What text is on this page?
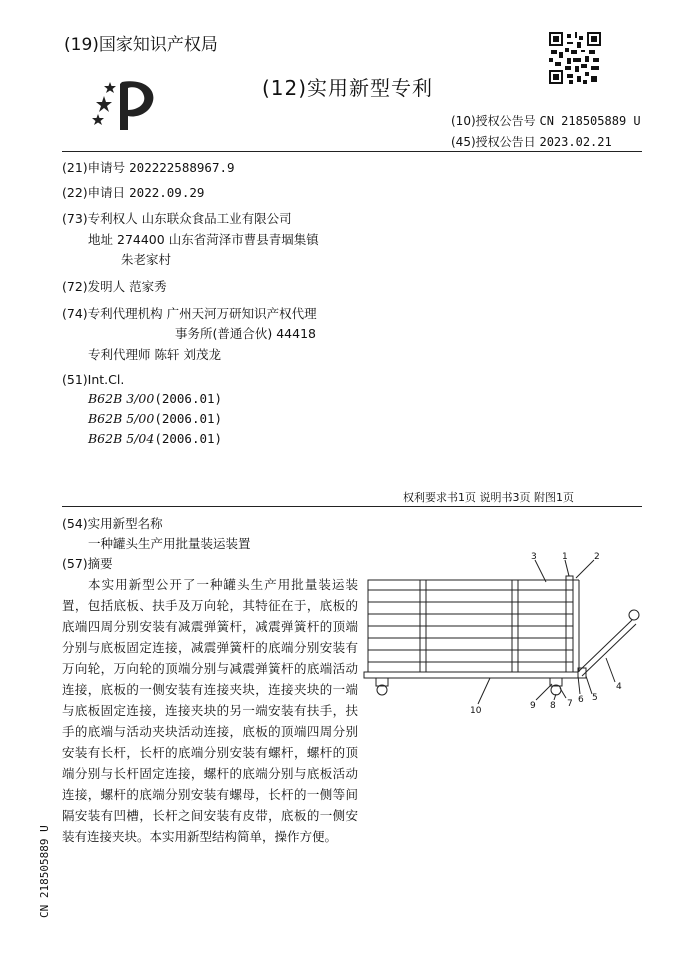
(19)国家知识产权局
(12)实用新型专利
(10)授权公告号 CN 218505889 U
(45)授权公告日 2023.02.21
(21)申请号 202222588967.9
(22)申请日 2022.09.29
(73)专利权人 山东联众食品工业有限公司
地址 274400 山东省菏泽市曹县青堌集镇
朱老家村
(72)发明人 范家秀
(74)专利代理机构 广州天河万研知识产权代理
事务所(普通合伙) 44418
专利代理师 陈轩 刘茂龙
(51)Int.Cl.
B62B 3/00(2006.01)
B62B 5/00(2006.01)
B62B 5/04(2006.01)
权利要求书1页 说明书3页 附图1页
(54)实用新型名称
一种罐头生产用批量装运装置
(57)摘要
本实用新型公开了一种罐头生产用批量装运装置，包括底板、扶手及万向轮，其特征在于，底板的底端四周分别安装有减震弹簧杆，减震弹簧杆的顶端分别与底板固定连接，减震弹簧杆的底端分别安装有万向轮，万向轮的顶端分别与减震弹簧杆的底端活动连接，底板的一侧安装有连接夹块，连接夹块的一端与底板固定连接，连接夹块的另一端安装有扶手，扶手的底端与活动夹块活动连接，底板的顶端四周分别安装有长杆，长杆的底端分别安装有螺杆，螺杆的顶端分别与长杆固定连接，螺杆的底端分别与底板活动连接，螺杆的底端分别安装有螺母，长杆的一侧等间隔安装有凹槽，长杆之间安装有皮带，底板的一侧安装有连接夹块。本实用新型结构简单，操作方便。
1	2
3
4
5
6
7
8
9
10
CN 218505889 U
